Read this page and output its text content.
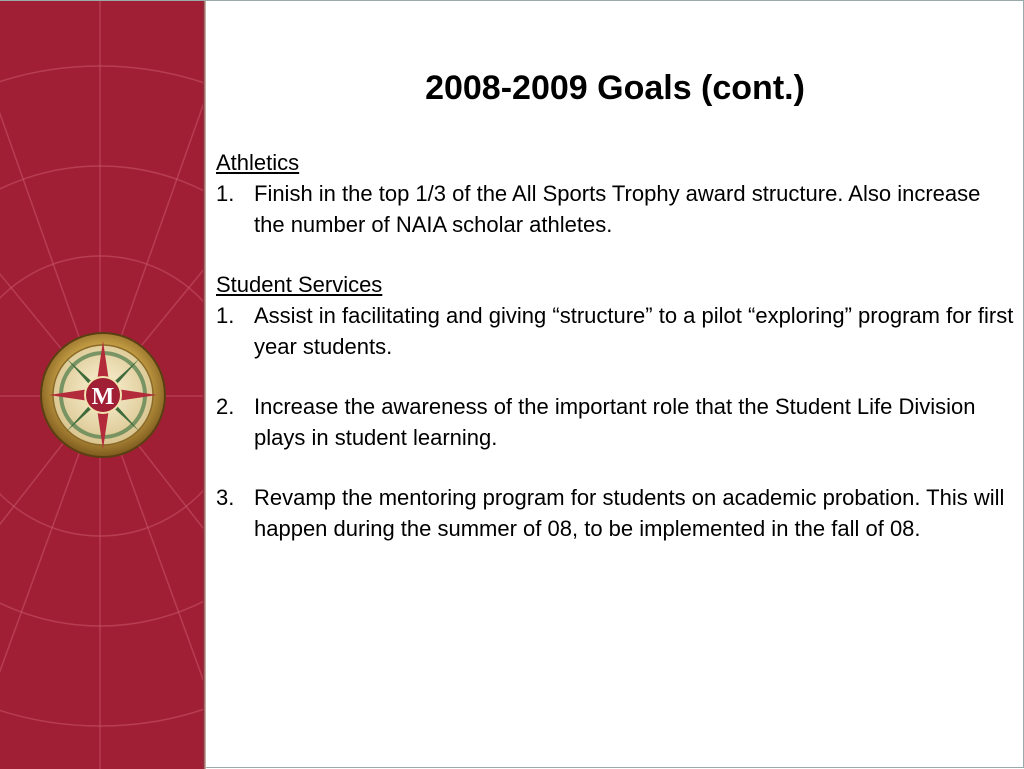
M
2008-2009 Goals (cont.)
Athletics
1. Finish in the top 1/3 of the All Sports Trophy award structure. Also increase the number of NAIA scholar athletes.
Student Services
1. Assist in facilitating and giving “structure” to a pilot “exploring” program for first year students.
2. Increase the awareness of the important role that the Student Life Division plays in student learning.
3. Revamp the mentoring program for students on academic probation. This will happen during the summer of 08, to be implemented in the fall of 08.
